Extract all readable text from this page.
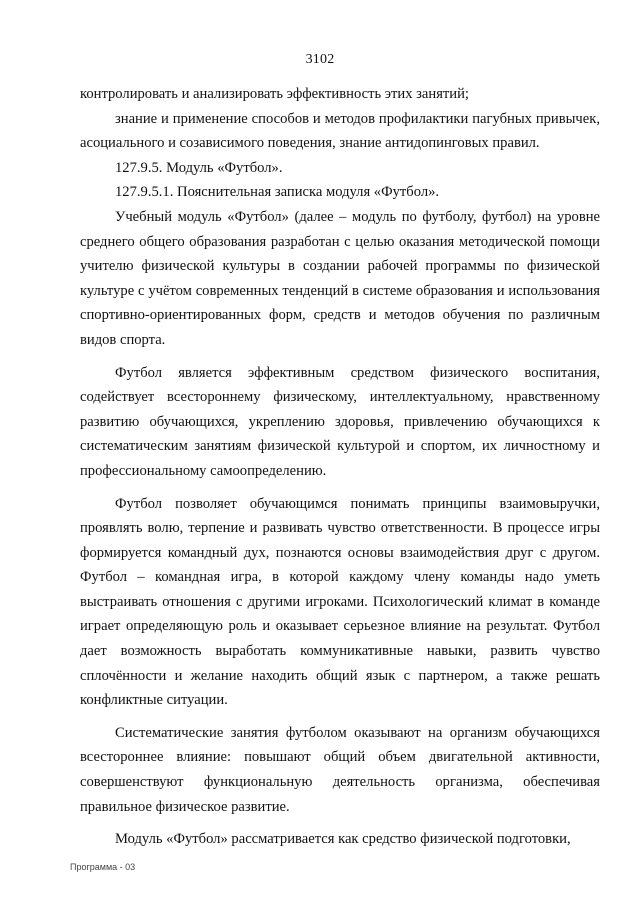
3102

контролировать и анализировать эффективность этих занятий;

знание и применение способов и методов профилактики пагубных привычек, асоциального и созависимого поведения, знание антидопинговых правил.

127.9.5. Модуль «Футбол».

127.9.5.1. Пояснительная записка модуля «Футбол».

Учебный модуль «Футбол» (далее – модуль по футболу, футбол) на уровне среднего общего образования разработан с целью оказания методической помощи учителю физической культуры в создании рабочей программы по физической культуре с учётом современных тенденций в системе образования и использования спортивно-ориентированных форм, средств и методов обучения по различным видов спорта.

Футбол является эффективным средством физического воспитания, содействует всестороннему физическому, интеллектуальному, нравственному развитию обучающихся, укреплению здоровья, привлечению обучающихся к систематическим занятиям физической культурой и спортом, их личностному и профессиональному самоопределению.

Футбол позволяет обучающимся понимать принципы взаимовыручки, проявлять волю, терпение и развивать чувство ответственности. В процессе игры формируется командный дух, познаются основы взаимодействия друг с другом. Футбол – командная игра, в которой каждому члену команды надо уметь выстраивать отношения с другими игроками. Психологический климат в команде играет определяющую роль и оказывает серьезное влияние на результат. Футбол дает возможность выработать коммуникативные навыки, развить чувство сплочённости и желание находить общий язык с партнером, а также решать конфликтные ситуации.

Систематические занятия футболом оказывают на организм обучающихся всестороннее влияние: повышают общий объем двигательной активности, совершенствуют функциональную деятельность организма, обеспечивая правильное физическое развитие.

Модуль «Футбол» рассматривается как средство физической подготовки,

Программа - 03
